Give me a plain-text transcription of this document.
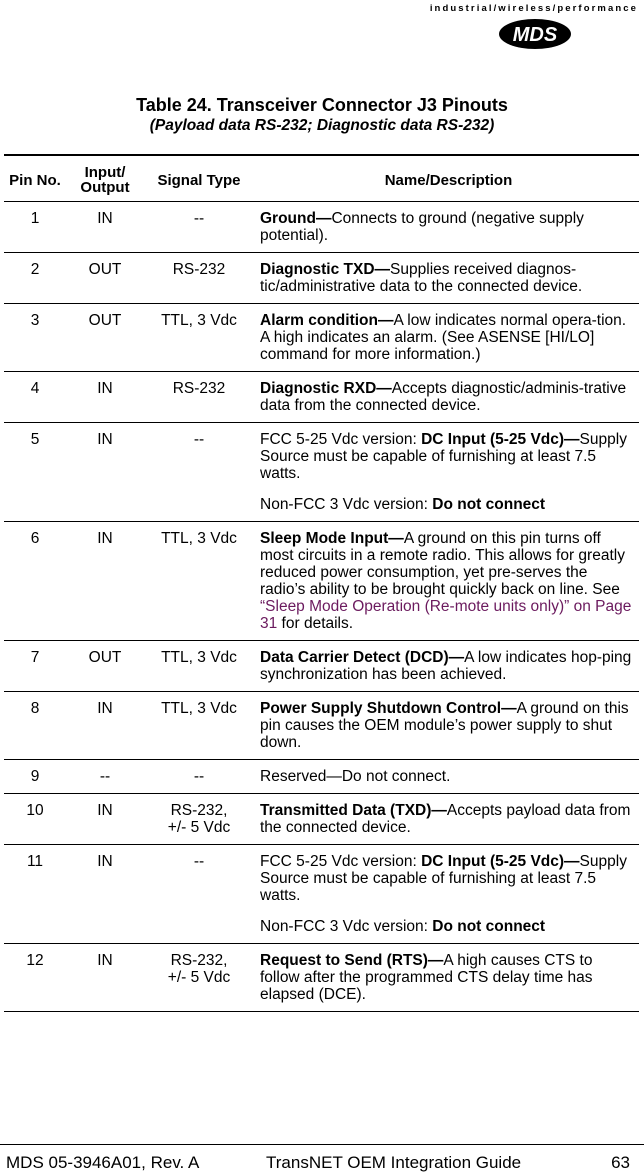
industrial/wireless/performance
MDS
Table 24. Transceiver Connector J3 Pinouts
(Payload data RS-232; Diagnostic data RS-232)
Pin No.	Input/ Output	Signal Type	Name/Description
1	IN	--	Ground—Connects to ground (negative supply potential).
2	OUT	RS-232	Diagnostic TXD—Supplies received diagnos-tic/administrative data to the connected device.
3	OUT	TTL, 3 Vdc	Alarm condition—A low indicates normal opera-tion. A high indicates an alarm. (See ASENSE [HI/LO] command for more information.)
4	IN	RS-232	Diagnostic RXD—Accepts diagnostic/adminis-trative data from the connected device.
5	IN	--	FCC 5-25 Vdc version: DC Input (5-25 Vdc)—Supply Source must be capable of furnishing at least 7.5 watts.
Non-FCC 3 Vdc version: Do not connect

6	IN	TTL, 3 Vdc	Sleep Mode Input—A ground on this pin turns off most circuits in a remote radio. This allows for greatly reduced power consumption, yet pre-serves the radio’s ability to be brought quickly back on line. See “Sleep Mode Operation (Re-mote units only)” on Page 31 for details.
7	OUT	TTL, 3 Vdc	Data Carrier Detect (DCD)—A low indicates hop-ping synchronization has been achieved.
8	IN	TTL, 3 Vdc	Power Supply Shutdown Control—A ground on this pin causes the OEM module’s power supply to shut down.
9	--	--	Reserved—Do not connect.
10	IN	RS-232,
+/- 5 Vdc	Transmitted Data (TXD)—Accepts payload data from the connected device.
11	IN	--	FCC 5-25 Vdc version: DC Input (5-25 Vdc)—Supply Source must be capable of furnishing at least 7.5 watts.
Non-FCC 3 Vdc version: Do not connect

12	IN	RS-232,
+/- 5 Vdc	Request to Send (RTS)—A high causes CTS to follow after the programmed CTS delay time has elapsed (DCE).
MDS 05-3946A01, Rev. A	TransNET OEM Integration Guide	63
